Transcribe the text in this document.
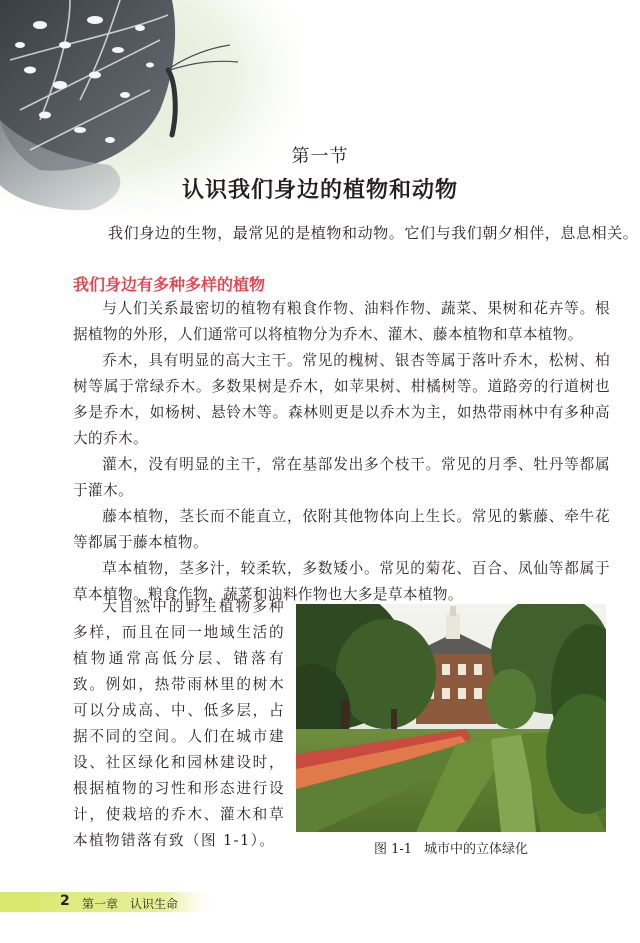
第一节
认识我们身边的植物和动物
我们身边的生物，最常见的是植物和动物。它们与我们朝夕相伴，息息相关。
我们身边有多种多样的植物

与人们关系最密切的植物有粮食作物、油料作物、蔬菜、果树和花卉等。根据植物的外形，人们通常可以将植物分为乔木、灌木、藤本植物和草本植物。

乔木，具有明显的高大主干。常见的槐树、银杏等属于落叶乔木，松树、柏树等属于常绿乔木。多数果树是乔木，如苹果树、柑橘树等。道路旁的行道树也多是乔木，如杨树、悬铃木等。森林则更是以乔木为主，如热带雨林中有多种高大的乔木。

灌木，没有明显的主干，常在基部发出多个枝干。常见的月季、牡丹等都属于灌木。

藤本植物，茎长而不能直立，依附其他物体向上生长。常见的紫藤、牵牛花等都属于藤本植物。

草本植物，茎多汁，较柔软，多数矮小。常见的菊花、百合、凤仙等都属于草本植物。粮食作物、蔬菜和油料作物也大多是草本植物。

大自然中的野生植物多种多样，而且在同一地域生活的植物通常高低分层、错落有致。例如，热带雨林里的树木可以分成高、中、低多层，占据不同的空间。人们在城市建设、社区绿化和园林建设时，根据植物的习性和形态进行设计，使栽培的乔木、灌木和草本植物错落有致（图 1-1）。

图 1-1 城市中的立体绿化
2 第一章　认识生命
